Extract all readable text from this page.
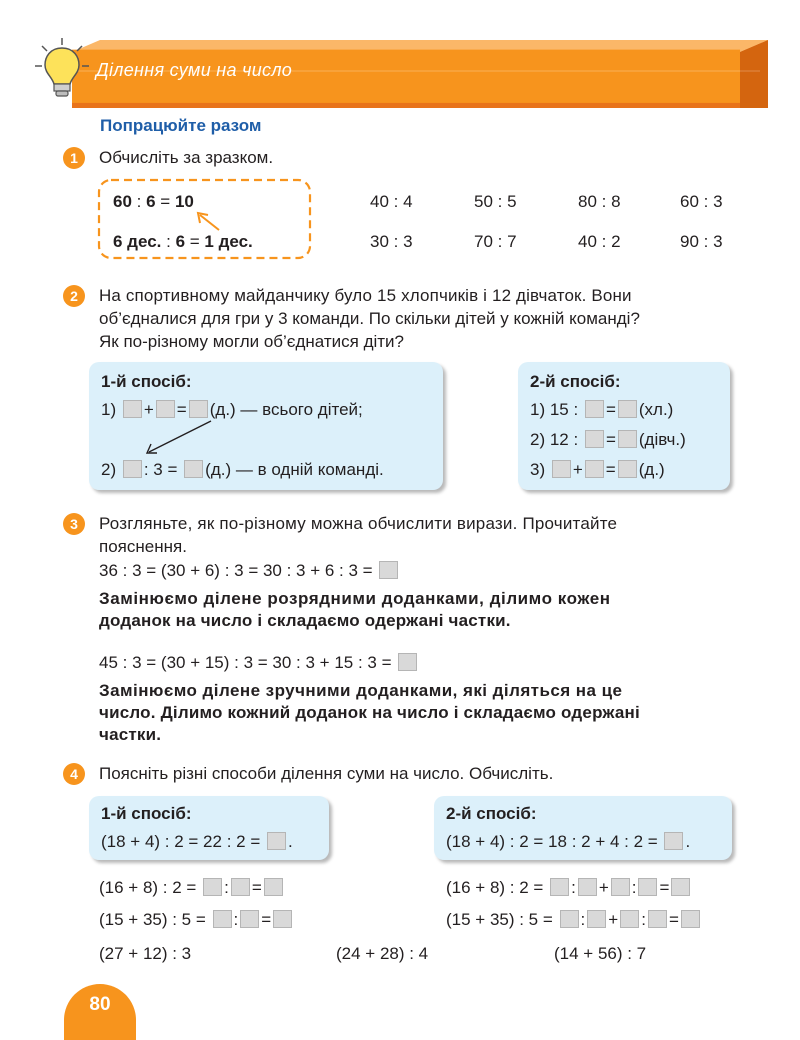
Ділення суми на число
Попрацюйте разом
1	Обчисліть за зразком.
60 : 6 = 10
6 дес. : 6 = 1 дес.
40 : 4	50 : 5	80 : 8	60 : 3
30 : 3	70 : 7	40 : 2	90 : 3
2	На спортивному майданчику було 15 хлопчиків і 12 дівчаток. Вони
об’єдналися для гри у 3 команди. По скільки дітей у кожній команді?
Як по-різному могли об’єднатися діти?
1-й спосіб:
1) + = (д.) — всього дітей;
2) : 3 = (д.) — в одній команді.
2-й спосіб:
1) 15 : = (хл.)
2) 12 : = (дівч.)
3) + = (д.)
3	Розгляньте, як по-різному можна обчислити вирази. Прочитайте
пояснення.
36 : 3 = (30 + 6) : 3 = 30 : 3 + 6 : 3 =
Замінюємо ділене розрядними доданками, ділимо кожен
доданок на число і складаємо одержані частки.
45 : 3 = (30 + 15) : 3 = 30 : 3 + 15 : 3 =
Замінюємо ділене зручними доданками, які діляться на це
число. Ділимо кожний доданок на число і складаємо одержані
частки.
4	Поясніть різні способи ділення суми на число. Обчисліть.
1-й спосіб:
(18 + 4) : 2 = 22 : 2 = .
2-й спосіб:
(18 + 4) : 2 = 18 : 2 + 4 : 2 = .
(16 + 8) : 2 = : =
(15 + 35) : 5 = : =
(16 + 8) : 2 = : + : =
(15 + 35) : 5 = : + : =
(27 + 12) : 3	(24 + 28) : 4	(14 + 56) : 7
80
